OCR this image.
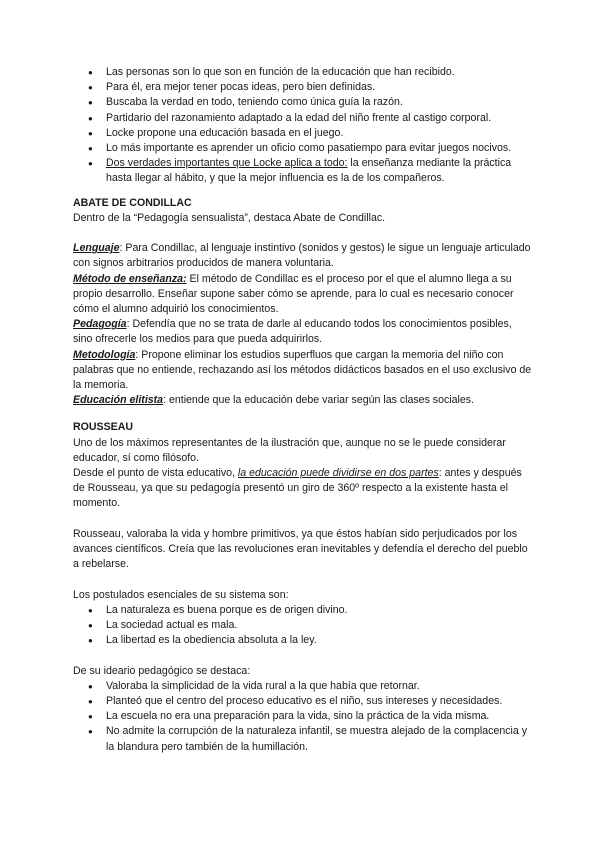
● Las personas son lo que son en función de la educación que han recibido.
● Para él, era mejor tener pocas ideas, pero bien definidas.
● Buscaba la verdad en todo, teniendo como única guía la razón.
● Partidario del razonamiento adaptado a la edad del niño frente al castigo corporal.
● Locke propone una educación basada en el juego.
● Lo más importante es aprender un oficio como pasatiempo para evitar juegos nocivos.
● Dos verdades importantes que Locke aplica a todo: la enseñanza mediante la práctica hasta llegar al hábito, y que la mejor influencia es la de los compañeros.

ABATE DE CONDILLAC

Dentro de la “Pedagogía sensualista”, destaca Abate de Condillac.

Lenguaje: Para Condillac, al lenguaje instintivo (sonidos y gestos) le sigue un lenguaje articulado con signos arbitrarios producidos de manera voluntaria.

Método de enseñanza: El método de Condillac es el proceso por el que el alumno llega a su propio desarrollo. Enseñar supone saber cómo se aprende, para lo cual es necesario conocer cómo el alumno adquirió los conocimientos.

Pedagogía: Defendía que no se trata de darle al educando todos los conocimientos posibles, sino ofrecerle los medios para que pueda adquirirlos.

Metodología: Propone eliminar los estudios superfluos que cargan la memoria del niño con palabras que no entiende, rechazando así los métodos didácticos basados en el uso exclusivo de la memoria.

Educación elitista: entiende que la educación debe variar según las clases sociales.

ROUSSEAU

Uno de los máximos representantes de la ilustración que, aunque no se le puede considerar educador, sí como filósofo.

Desde el punto de vista educativo, la educación puede dividirse en dos partes: antes y después de Rousseau, ya que su pedagogía presentó un giro de 360º respecto a la existente hasta el momento.

Rousseau, valoraba la vida y hombre primitivos, ya que éstos habían sido perjudicados por los avances científicos. Creía que las revoluciones eran inevitables y defendía el derecho del pueblo a rebelarse.

Los postulados esenciales de su sistema son:

● La naturaleza es buena porque es de origen divino.
● La sociedad actual es mala.
● La libertad es la obediencia absoluta a la ley.

De su ideario pedagógico se destaca:

● Valoraba la simplicidad de la vida rural a la que había que retornar.
● Planteó que el centro del proceso educativo es el niño, sus intereses y necesidades.
● La escuela no era una preparación para la vida, sino la práctica de la vida misma.
● No admite la corrupción de la naturaleza infantil, se muestra alejado de la complacencia y la blandura pero también de la humillación.
